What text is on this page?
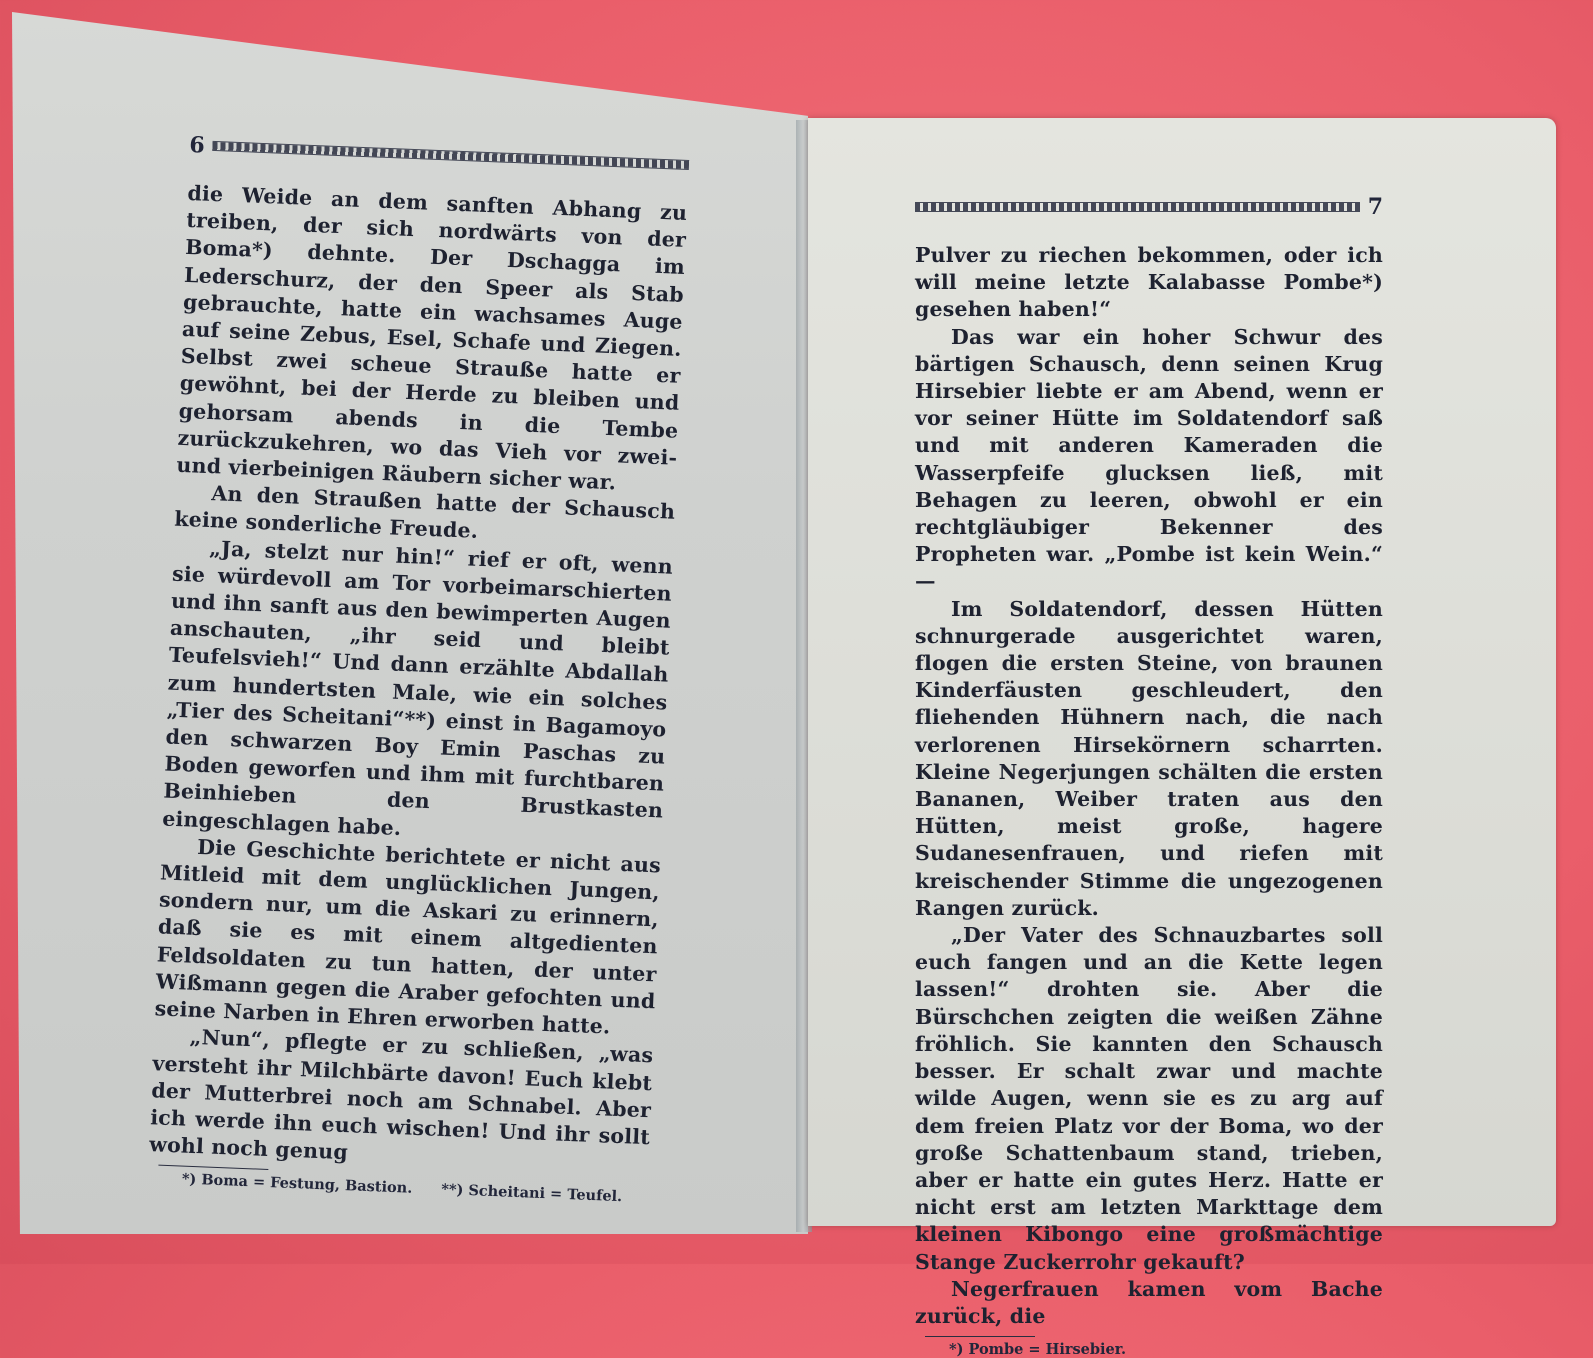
6

die Weide an dem sanften Abhang zu treiben, der sich nordwärts von der Boma*) dehnte. Der Dschagga im Lederschurz, der den Speer als Stab gebrauchte, hatte ein wachsames Auge auf seine Zebus, Esel, Schafe und Ziegen. Selbst zwei scheue Strauße hatte er gewöhnt, bei der Herde zu bleiben und gehorsam abends in die Tembe zurückzukehren, wo das Vieh vor zwei- und vierbeinigen Räubern sicher war.

An den Straußen hatte der Schausch keine sonderliche Freude.

„Ja, stelzt nur hin!“ rief er oft, wenn sie würdevoll am Tor vorbeimarschierten und ihn sanft aus den bewimperten Augen anschauten, „ihr seid und bleibt Teufelsvieh!“ Und dann erzählte Abdallah zum hundertsten Male, wie ein solches „Tier des Scheitani“**) einst in Bagamoyo den schwarzen Boy Emin Paschas zu Boden geworfen und ihm mit furchtbaren Beinhieben den Brustkasten eingeschlagen habe.

Die Geschichte berichtete er nicht aus Mitleid mit dem unglücklichen Jungen, sondern nur, um die Askari zu erinnern, daß sie es mit einem altgedienten Feldsoldaten zu tun hatten, der unter Wißmann gegen die Araber gefochten und seine Narben in Ehren erworben hatte.

„Nun“, pflegte er zu schließen, „was versteht ihr Milchbärte davon! Euch klebt der Mutterbrei noch am Schnabel. Aber ich werde ihn euch wischen! Und ihr sollt wohl noch genug

*) Boma = Festung, Bastion. **) Scheitani = Teufel.
7

Pulver zu riechen bekommen, oder ich will meine letzte Kalabasse Pombe*) gesehen haben!“

Das war ein hoher Schwur des bärtigen Schausch, denn seinen Krug Hirsebier liebte er am Abend, wenn er vor seiner Hütte im Soldatendorf saß und mit anderen Kameraden die Wasserpfeife glucksen ließ, mit Behagen zu leeren, obwohl er ein rechtgläubiger Bekenner des Propheten war. „Pombe ist kein Wein.“ —

Im Soldatendorf, dessen Hütten schnurgerade ausgerichtet waren, flogen die ersten Steine, von braunen Kinderfäusten geschleudert, den fliehenden Hühnern nach, die nach verlorenen Hirsekörnern scharrten. Kleine Negerjungen schälten die ersten Bananen, Weiber traten aus den Hütten, meist große, hagere Sudanesenfrauen, und riefen mit kreischender Stimme die ungezogenen Rangen zurück.

„Der Vater des Schnauzbartes soll euch fangen und an die Kette legen lassen!“ drohten sie. Aber die Bürschchen zeigten die weißen Zähne fröhlich. Sie kannten den Schausch besser. Er schalt zwar und machte wilde Augen, wenn sie es zu arg auf dem freien Platz vor der Boma, wo der große Schattenbaum stand, trieben, aber er hatte ein gutes Herz. Hatte er nicht erst am letzten Markttage dem kleinen Kibongo eine großmächtige Stange Zuckerrohr gekauft?

Negerfrauen kamen vom Bache zurück, die

*) Pombe = Hirsebier.
